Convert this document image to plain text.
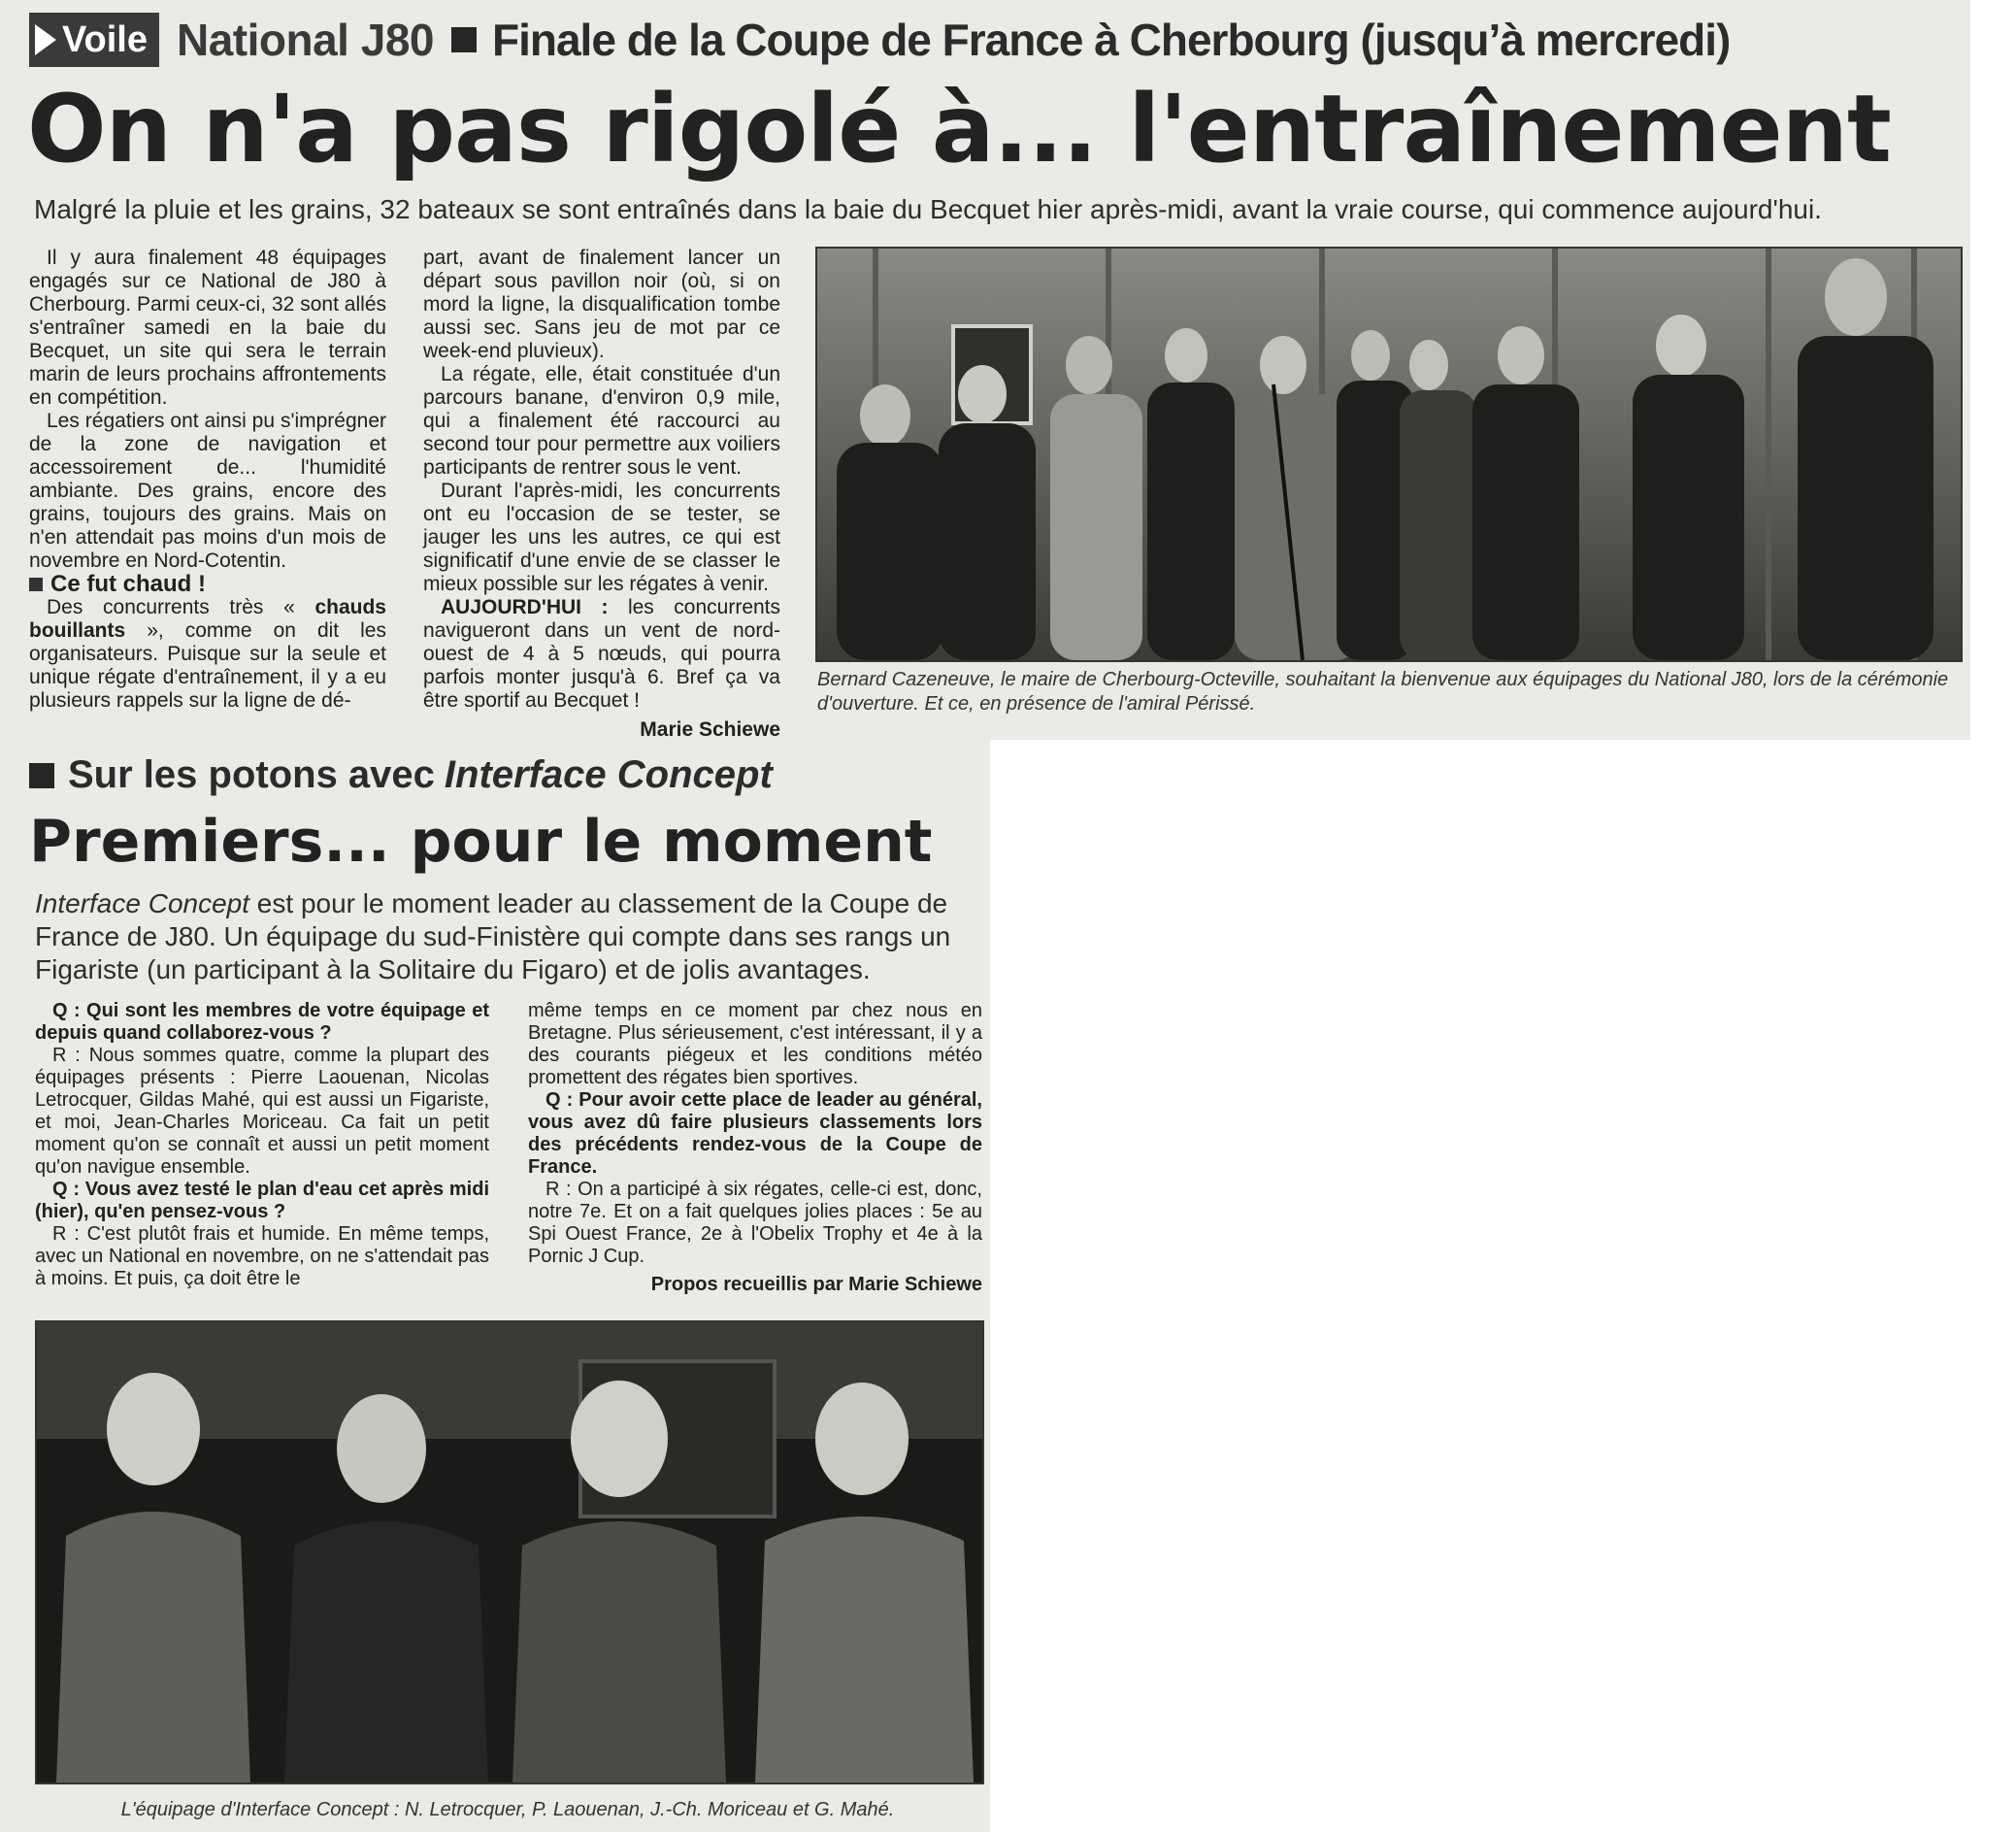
Voile National J80 Finale de la Coupe de France à Cherbourg (jusqu’à mercredi)
On n'a pas rigolé à... l'entraînement
Malgré la pluie et les grains, 32 bateaux se sont entraînés dans la baie du Becquet hier après-midi, avant la vraie course, qui commence aujourd'hui.

Il y aura finalement 48 équipages engagés sur ce National de J80 à Cherbourg. Parmi ceux-ci, 32 sont allés s'entraîner samedi en la baie du Becquet, un site qui sera le terrain marin de leurs prochains affrontements en compétition.

Les régatiers ont ainsi pu s'imprégner de la zone de navigation et accessoirement de... l'humidité ambiante. Des grains, encore des grains, toujours des grains. Mais on n'en attendait pas moins d'un mois de novembre en Nord-Cotentin.

Ce fut chaud !

Des concurrents très « chauds bouillants », comme on dit les organisateurs. Puisque sur la seule et unique régate d'entraînement, il y a eu plusieurs rappels sur la ligne de dé-

part, avant de finalement lancer un départ sous pavillon noir (où, si on mord la ligne, la disqualification tombe aussi sec. Sans jeu de mot par ce week-end pluvieux).

La régate, elle, était constituée d'un parcours banane, d'environ 0,9 mile, qui a finalement été raccourci au second tour pour permettre aux voiliers participants de rentrer sous le vent.

Durant l'après-midi, les concurrents ont eu l'occasion de se tester, se jauger les uns les autres, ce qui est significatif d'une envie de se classer le mieux possible sur les régates à venir.

AUJOURD'HUI : les concurrents navigueront dans un vent de nord-ouest de 4 à 5 nœuds, qui pourra parfois monter jusqu'à 6. Bref ça va être sportif au Becquet !

Marie Schiewe

Bernard Cazeneuve, le maire de Cherbourg-Octeville, souhaitant la bienvenue aux équipages du National J80, lors de la cérémonie d'ouverture. Et ce, en présence de l'amiral Périssé.
Sur les potons avec Interface Concept
Premiers... pour le moment
Interface Concept est pour le moment leader au classement de la Coupe de France de J80. Un équipage du sud-Finistère qui compte dans ses rangs un Figariste (un participant à la Solitaire du Figaro) et de jolis avantages.

Q : Qui sont les membres de votre équipage et depuis quand collaborez-vous ?

R : Nous sommes quatre, comme la plupart des équipages présents : Pierre Laouenan, Nicolas Letrocquer, Gildas Mahé, qui est aussi un Figariste, et moi, Jean-Charles Moriceau. Ca fait un petit moment qu'on se connaît et aussi un petit moment qu'on navigue ensemble.

Q : Vous avez testé le plan d'eau cet après midi (hier), qu'en pensez-vous ?

R : C'est plutôt frais et humide. En même temps, avec un National en novembre, on ne s'attendait pas à moins. Et puis, ça doit être le

même temps en ce moment par chez nous en Bretagne. Plus sérieusement, c'est intéressant, il y a des courants piégeux et les conditions météo promettent des régates bien sportives.

Q : Pour avoir cette place de leader au général, vous avez dû faire plusieurs classements lors des précédents rendez-vous de la Coupe de France.

R : On a participé à six régates, celle-ci est, donc, notre 7e. Et on a fait quelques jolies places : 5e au Spi Ouest France, 2e à l'Obelix Trophy et 4e à la Pornic J Cup.

Propos recueillis par Marie Schiewe

L'équipage d'Interface Concept : N. Letrocquer, P. Laouenan, J.-Ch. Moriceau et G. Mahé.
